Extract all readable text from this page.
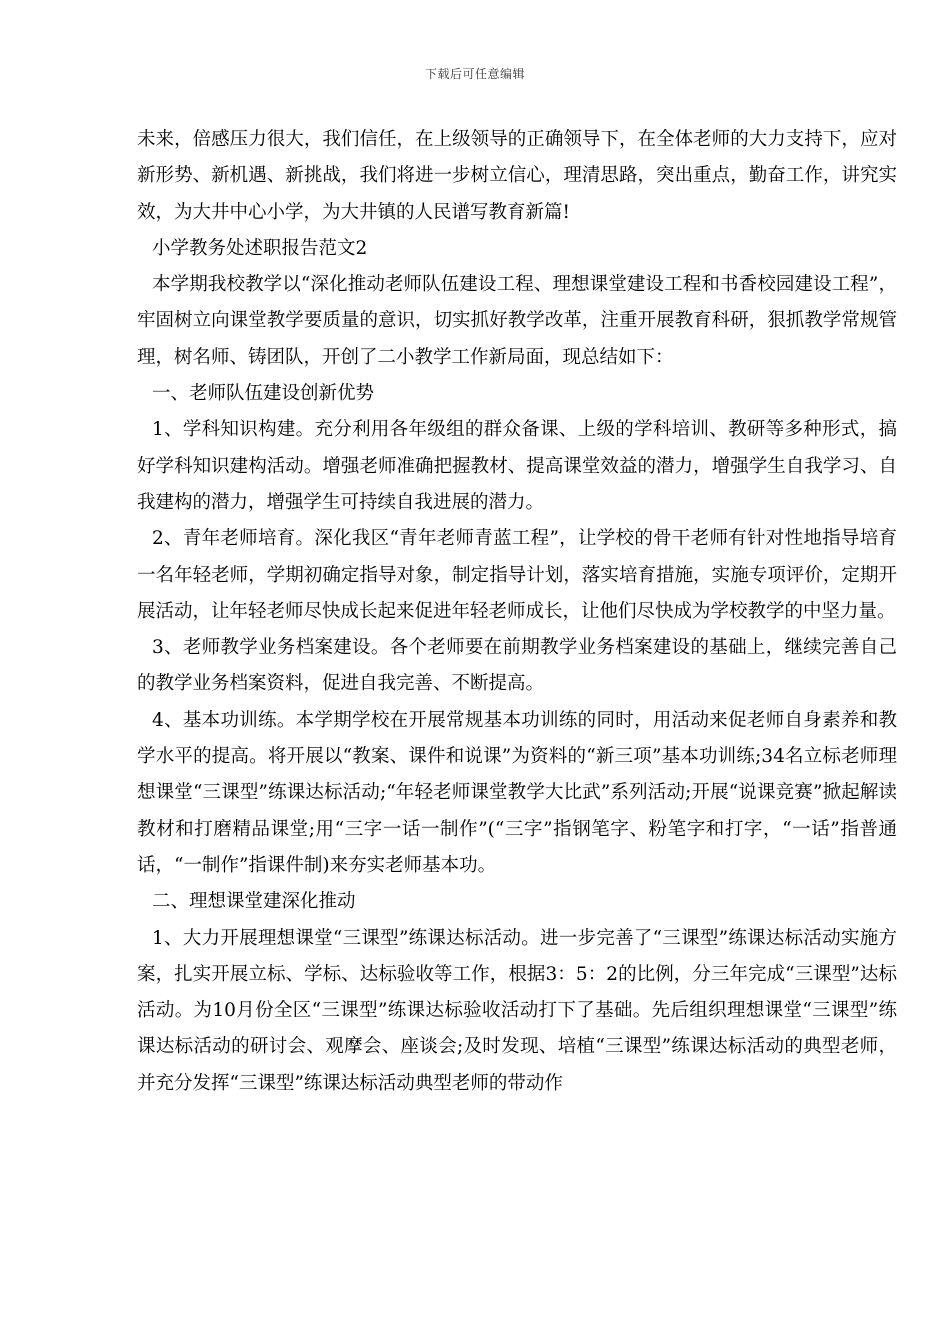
下载后可任意编辑

未来，倍感压力很大，我们信任，在上级领导的正确领导下，在全体老师的大力支持下，应对新形势、新机遇、新挑战，我们将进一步树立信心，理清思路，突出重点，勤奋工作，讲究实效，为大井中心小学，为大井镇的人民谱写教育新篇!

小学教务处述职报告范文2

本学期我校教学以“深化推动老师队伍建设工程、理想课堂建设工程和书香校园建设工程”，牢固树立向课堂教学要质量的意识，切实抓好教学改革，注重开展教育科研，狠抓教学常规管理，树名师、铸团队，开创了二小教学工作新局面，现总结如下：

一、老师队伍建设创新优势

1、学科知识构建。充分利用各年级组的群众备课、上级的学科培训、教研等多种形式，搞好学科知识建构活动。增强老师准确把握教材、提高课堂效益的潜力，增强学生自我学习、自我建构的潜力，增强学生可持续自我进展的潜力。

2、青年老师培育。深化我区“青年老师青蓝工程”，让学校的骨干老师有针对性地指导培育一名年轻老师，学期初确定指导对象，制定指导计划，落实培育措施，实施专项评价，定期开展活动，让年轻老师尽快成长起来促进年轻老师成长，让他们尽快成为学校教学的中坚力量。

3、老师教学业务档案建设。各个老师要在前期教学业务档案建设的基础上，继续完善自己的教学业务档案资料，促进自我完善、不断提高。

4、基本功训练。本学期学校在开展常规基本功训练的同时，用活动来促老师自身素养和教学水平的提高。将开展以“教案、课件和说课”为资料的“新三项”基本功训练;34名立标老师理想课堂“三课型”练课达标活动;“年轻老师课堂教学大比武”系列活动;开展“说课竞赛”掀起解读教材和打磨精品课堂;用“三字一话一制作”(“三字”指钢笔字、粉笔字和打字，“一话”指普通话，“一制作”指课件制)来夯实老师基本功。

二、理想课堂建深化推动

1、大力开展理想课堂“三课型”练课达标活动。进一步完善了“三课型”练课达标活动实施方案，扎实开展立标、学标、达标验收等工作，根据3：5：2的比例，分三年完成“三课型”达标活动。为10月份全区“三课型”练课达标验收活动打下了基础。先后组织理想课堂“三课型”练课达标活动的研讨会、观摩会、座谈会;及时发现、培植“三课型”练课达标活动的典型老师，并充分发挥“三课型”练课达标活动典型老师的带动作
